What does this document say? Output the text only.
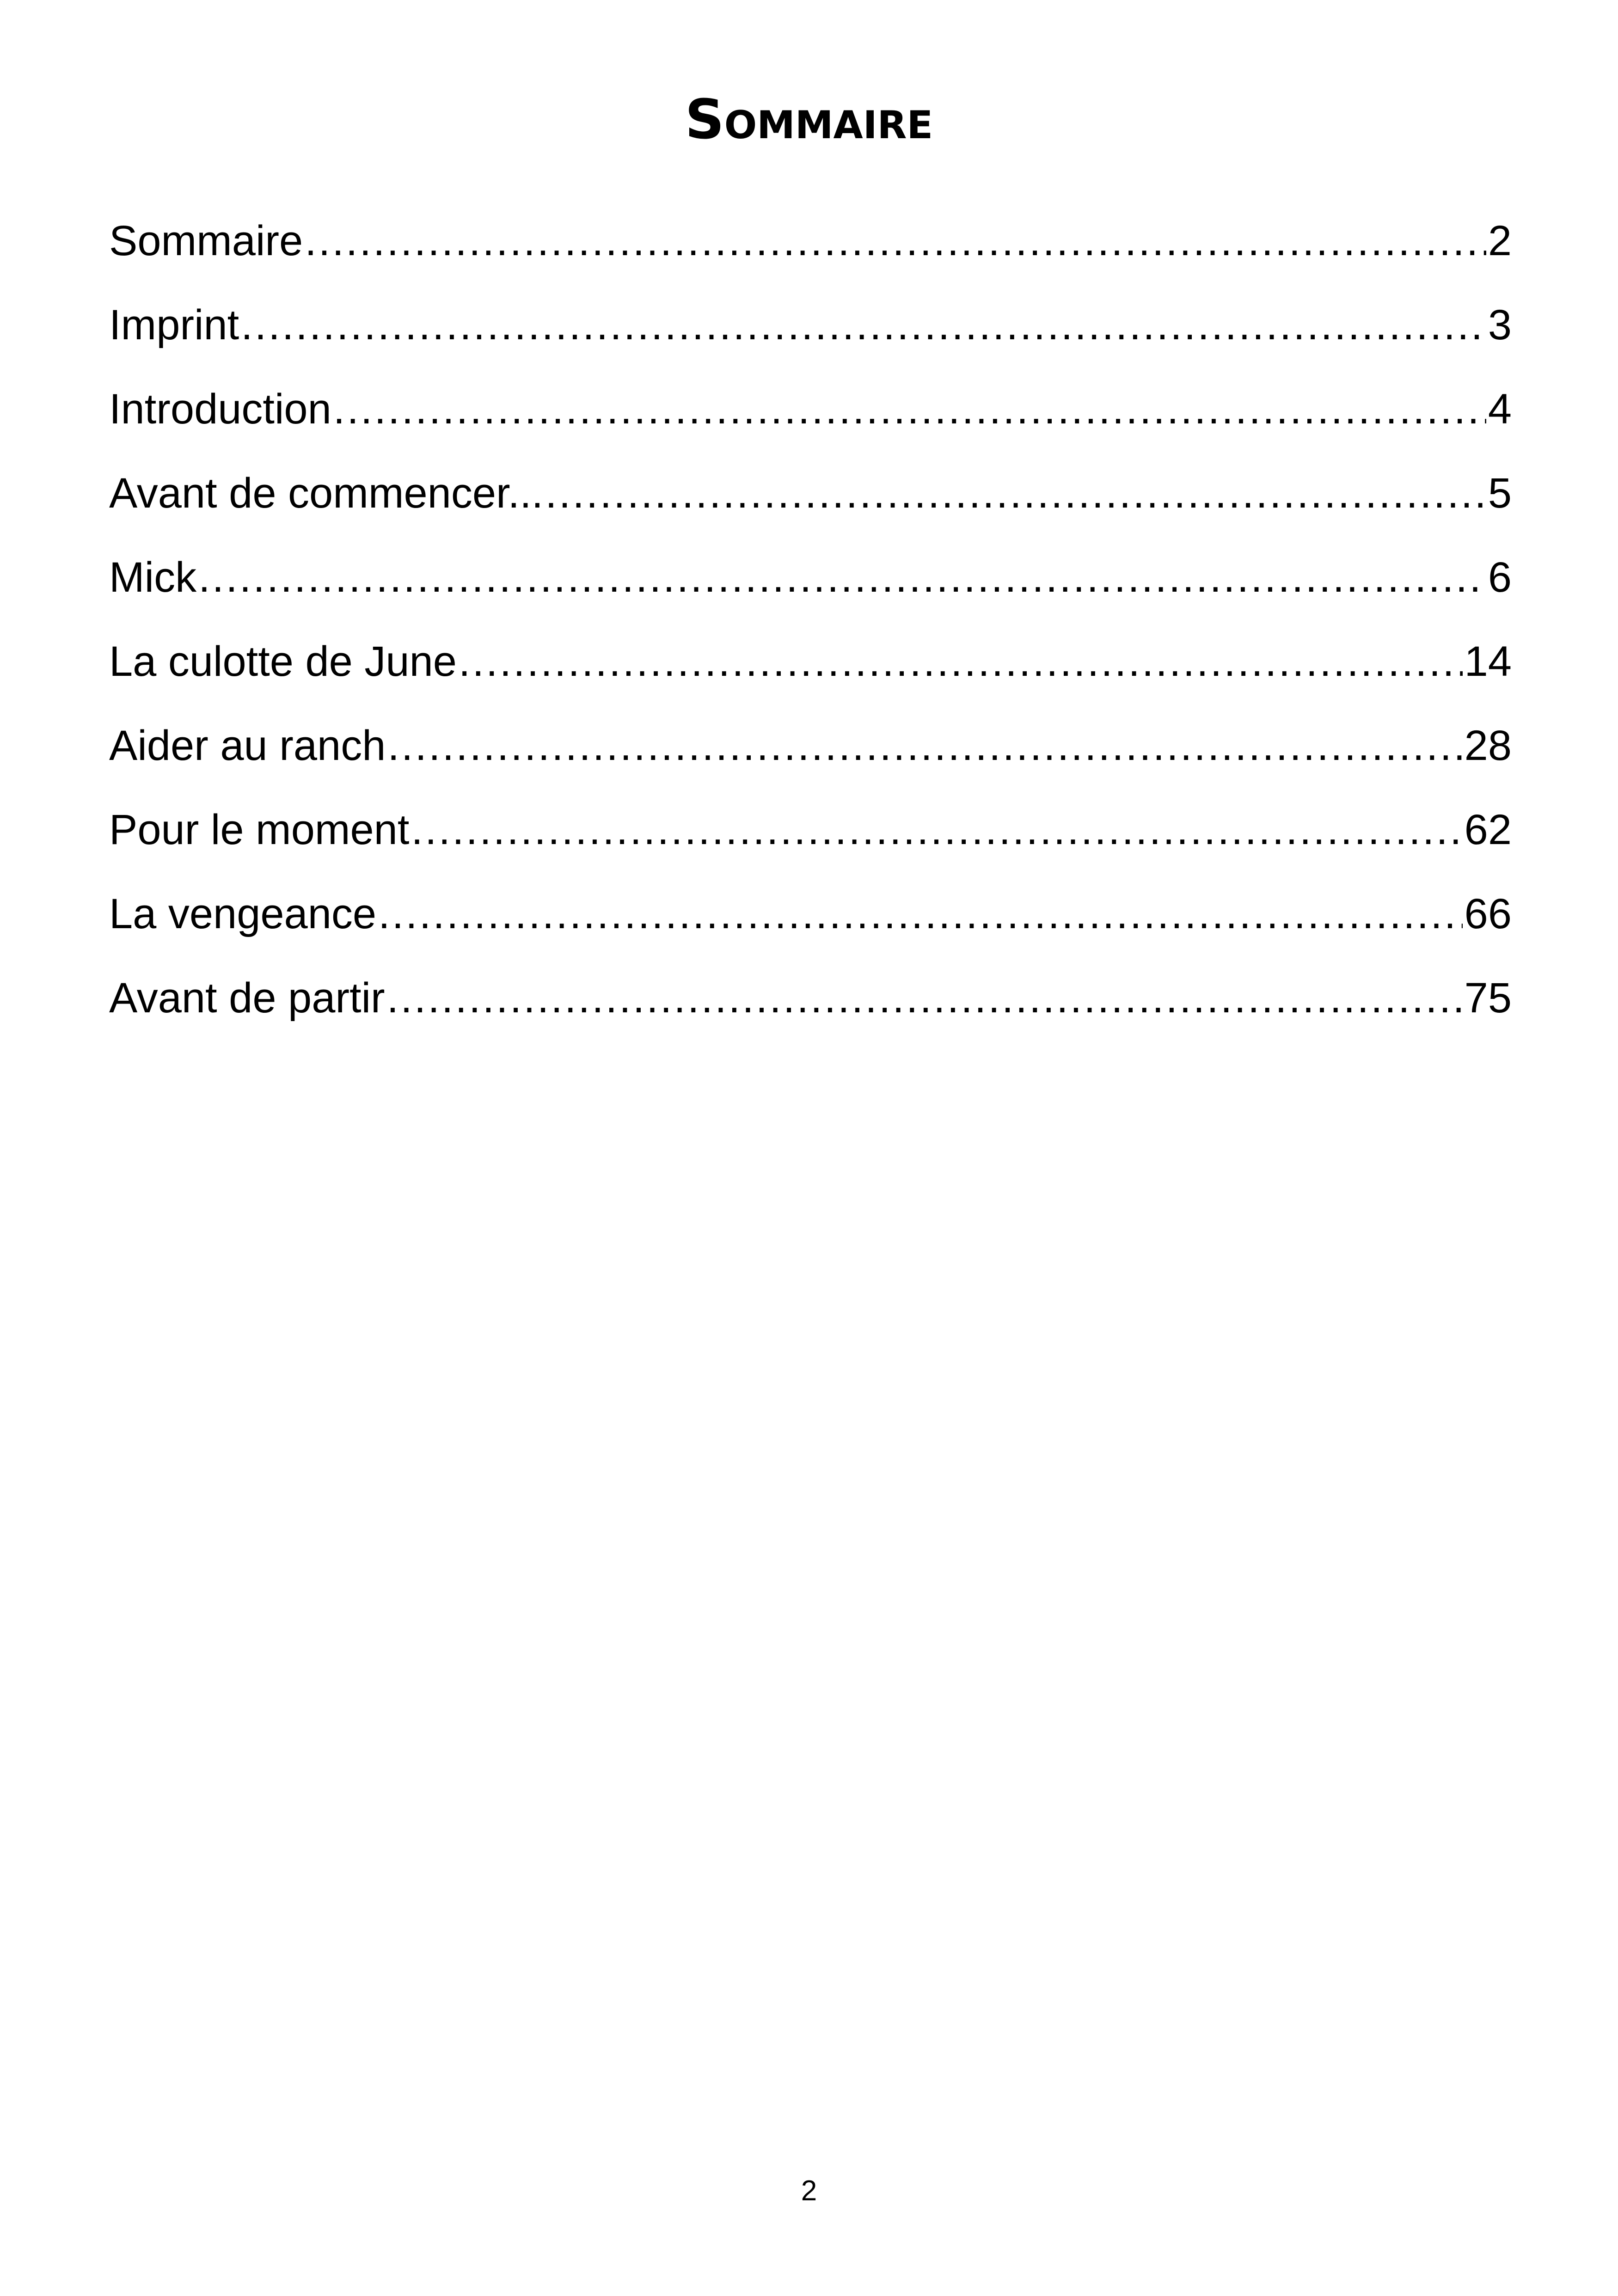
Sommaire
Sommaire .....	2
Imprint .....	3
Introduction .....	4
Avant de commencer... .....	5
Mick .....	6
La culotte de June .....	14
Aider au ranch .....	28
Pour le moment .....	62
La vengeance .....	66
Avant de partir .....	75
2
